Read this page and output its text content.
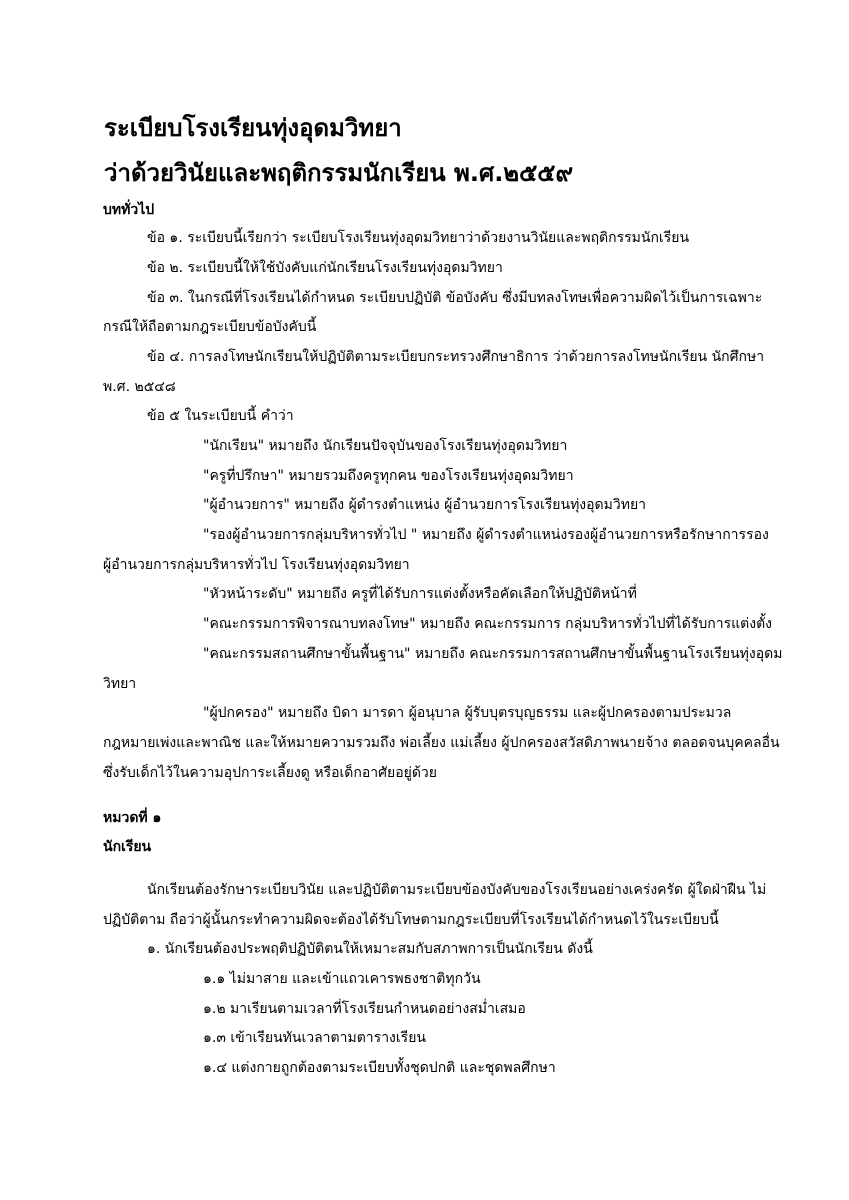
ระเบียบโรงเรียนทุ่งอุดมวิทยา
ว่าด้วยวินัยและพฤติกรรมนักเรียน พ.ศ.๒๕๕๙
บททั่วไป
ข้อ ๑. ระเบียบนี้เรียกว่า ระเบียบโรงเรียนทุ่งอุดมวิทยาว่าด้วยงานวินัยและพฤติกรรมนักเรียน
ข้อ ๒. ระเบียบนี้ให้ใช้บังคับแก่นักเรียนโรงเรียนทุ่งอุดมวิทยา
ข้อ ๓. ในกรณีที่โรงเรียนได้กำหนด ระเบียบปฏิบัติ ข้อบังคับ ซึ่งมีบทลงโทษเพื่อความผิดไว้เป็นการเฉพาะ
กรณีให้ถือตามกฎระเบียบข้อบังคับนี้
ข้อ ๔. การลงโทษนักเรียนให้ปฏิบัติตามระเบียบกระทรวงศึกษาธิการ ว่าด้วยการลงโทษนักเรียน นักศึกษา
พ.ศ. ๒๕๔๘
ข้อ ๕ ในระเบียบนี้ คำว่า
"นักเรียน" หมายถึง นักเรียนปัจจุบันของโรงเรียนทุ่งอุดมวิทยา
"ครูที่ปรึกษา" หมายรวมถึงครูทุกคน ของโรงเรียนทุ่งอุดมวิทยา
"ผู้อำนวยการ" หมายถึง ผู้ดำรงตำแหน่ง ผู้อำนวยการโรงเรียนทุ่งอุดมวิทยา
"รองผู้อำนวยการกลุ่มบริหารทั่วไป " หมายถึง ผู้ดำรงตำแหน่งรองผู้อำนวยการหรือรักษาการรอง
ผู้อำนวยการกลุ่มบริหารทั่วไป โรงเรียนทุ่งอุดมวิทยา
"หัวหน้าระดับ" หมายถึง ครูที่ได้รับการแต่งตั้งหรือคัดเลือกให้ปฏิบัติหน้าที่
"คณะกรรมการพิจารณาบทลงโทษ" หมายถึง คณะกรรมการ กลุ่มบริหารทั่วไปที่ได้รับการแต่งตั้ง
"คณะกรรมสถานศึกษาขั้นพื้นฐาน" หมายถึง คณะกรรมการสถานศึกษาขั้นพื้นฐานโรงเรียนทุ่งอุดม
วิทยา
"ผู้ปกครอง" หมายถึง บิดา มารดา ผู้อนุบาล ผู้รับบุตรบุญธรรม และผู้ปกครองตามประมวล
กฎหมายเพ่งและพาณิช และให้หมายความรวมถึง พ่อเลี้ยง แม่เลี้ยง ผู้ปกครองสวัสดิภาพนายจ้าง ตลอดจนบุคคลอื่น
ซึ่งรับเด็กไว้ในความอุปการะเลี้ยงดู หรือเด็กอาศัยอยู่ด้วย
หมวดที่ ๑
นักเรียน
นักเรียนต้องรักษาระเบียบวินัย และปฏิบัติตามระเบียบข้องบังคับของโรงเรียนอย่างเคร่งครัด ผู้ใดฝ่าฝืน ไม่
ปฏิบัติตาม ถือว่าผู้นั้นกระทำความผิดจะต้องได้รับโทษตามกฎระเบียบที่โรงเรียนได้กำหนดไว้ในระเบียบนี้
๑. นักเรียนต้องประพฤติปฏิบัติตนให้เหมาะสมกับสภาพการเป็นนักเรียน ดังนี้
๑.๑ ไม่มาสาย และเข้าแถวเคารพธงชาติทุกวัน
๑.๒ มาเรียนตามเวลาที่โรงเรียนกำหนดอย่างสม่ำเสมอ
๑.๓ เข้าเรียนทันเวลาตามตารางเรียน
๑.๔ แต่งกายถูกต้องตามระเบียบทั้งชุดปกติ และชุดพลศึกษา
